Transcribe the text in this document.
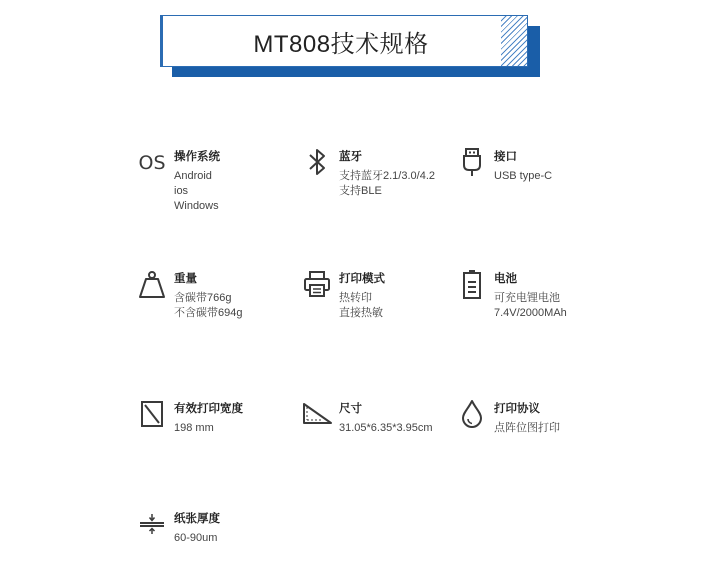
MT808技术规格
OS 操作系统
Android
ios
Windows
蓝牙
支持蓝牙2.1/3.0/4.2
支持BLE
接口
USB type-C
重量
含碳带766g
不含碳带694g
打印模式
热转印
直接热敏
电池
可充电锂电池
7.4V/2000MAh
有效打印宽度
198 mm
尺寸
31.05*6.35*3.95cm
打印协议
点阵位图打印
纸张厚度
60-90um
